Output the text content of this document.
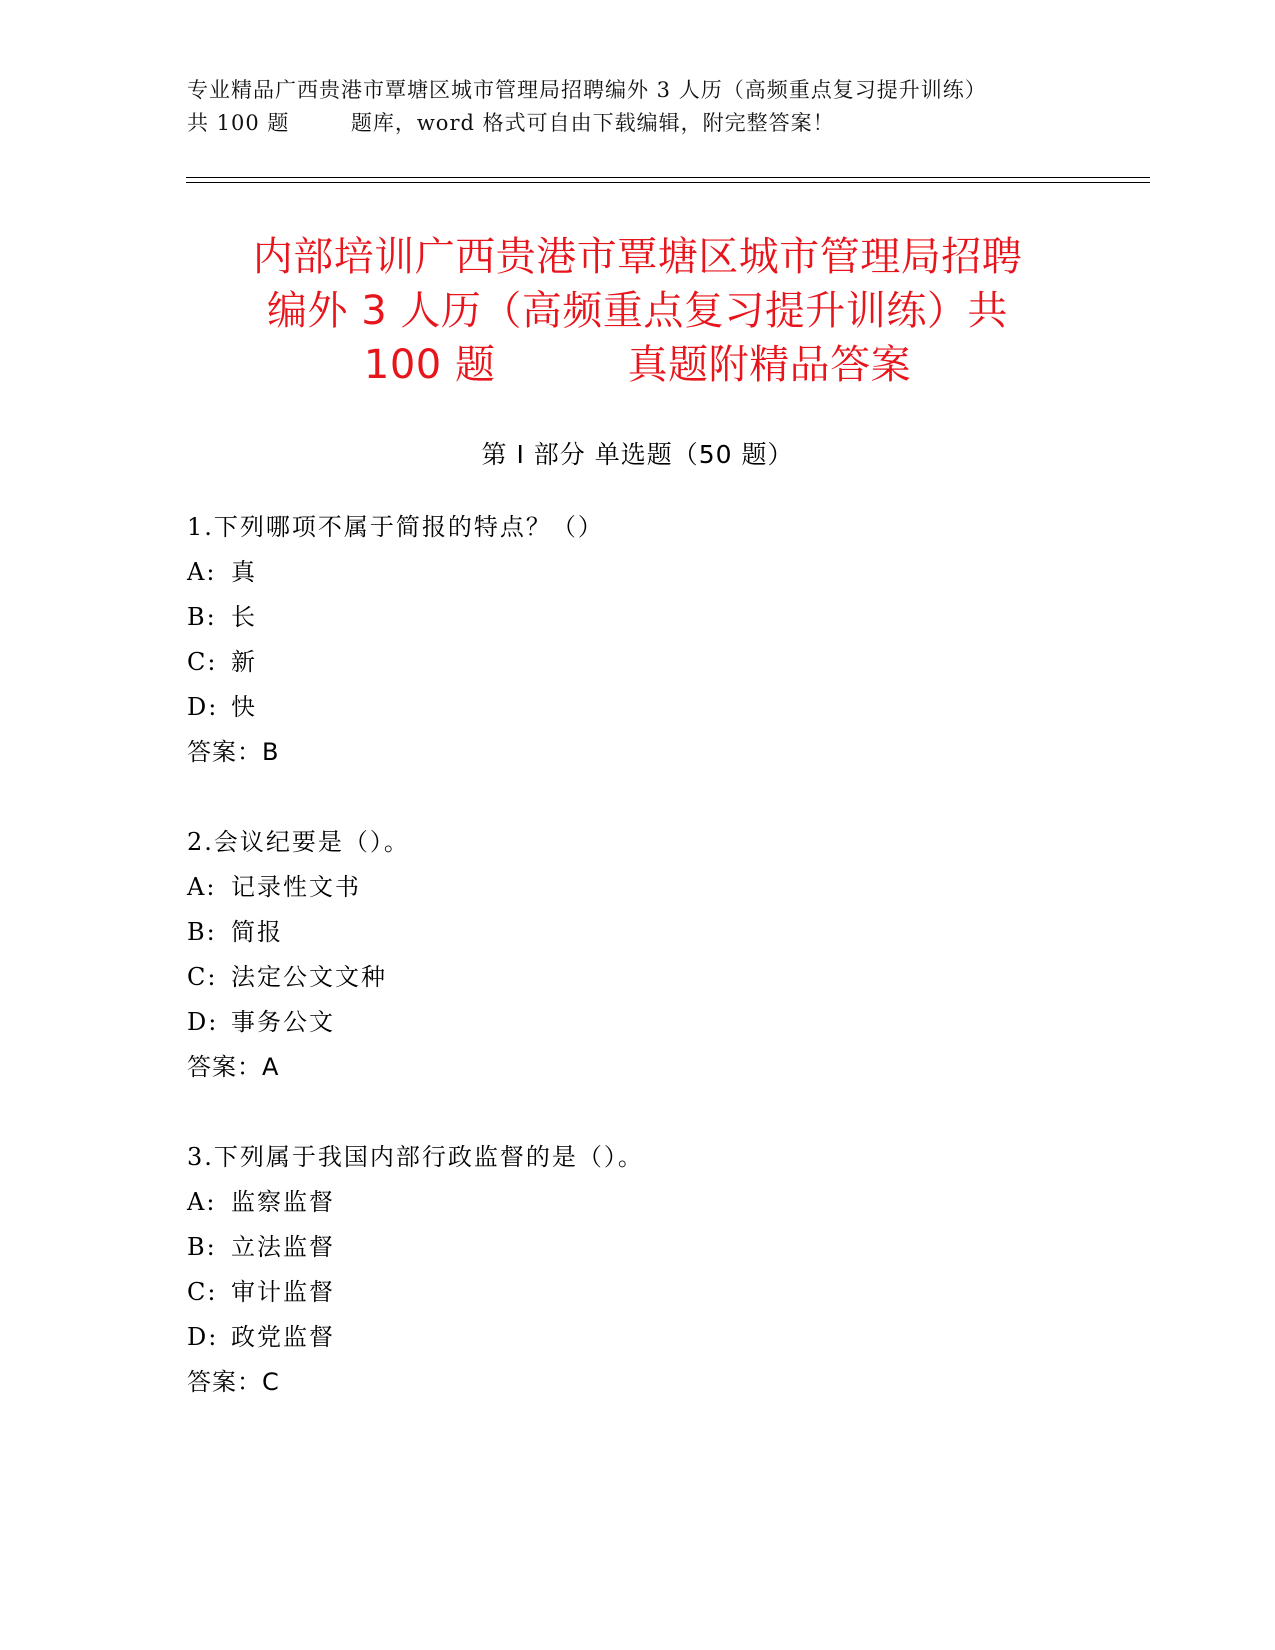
专业精品广西贵港市覃塘区城市管理局招聘编外 3 人历（高频重点复习提升训练）
共 100 题        题库，word 格式可自由下载编辑，附完整答案！
内部培训广西贵港市覃塘区城市管理局招聘
编外 3 人历（高频重点复习提升训练）共
100 题          真题附精品答案
第 I 部分 单选题（50 题）
1.下列哪项不属于简报的特点？（）
A: 真
B: 长
C: 新
D: 快
答案：B
2.会议纪要是（）。
A: 记录性文书
B: 简报
C: 法定公文文种
D: 事务公文
答案：A
3.下列属于我国内部行政监督的是（）。
A: 监察监督
B: 立法监督
C: 审计监督
D: 政党监督
答案：C
